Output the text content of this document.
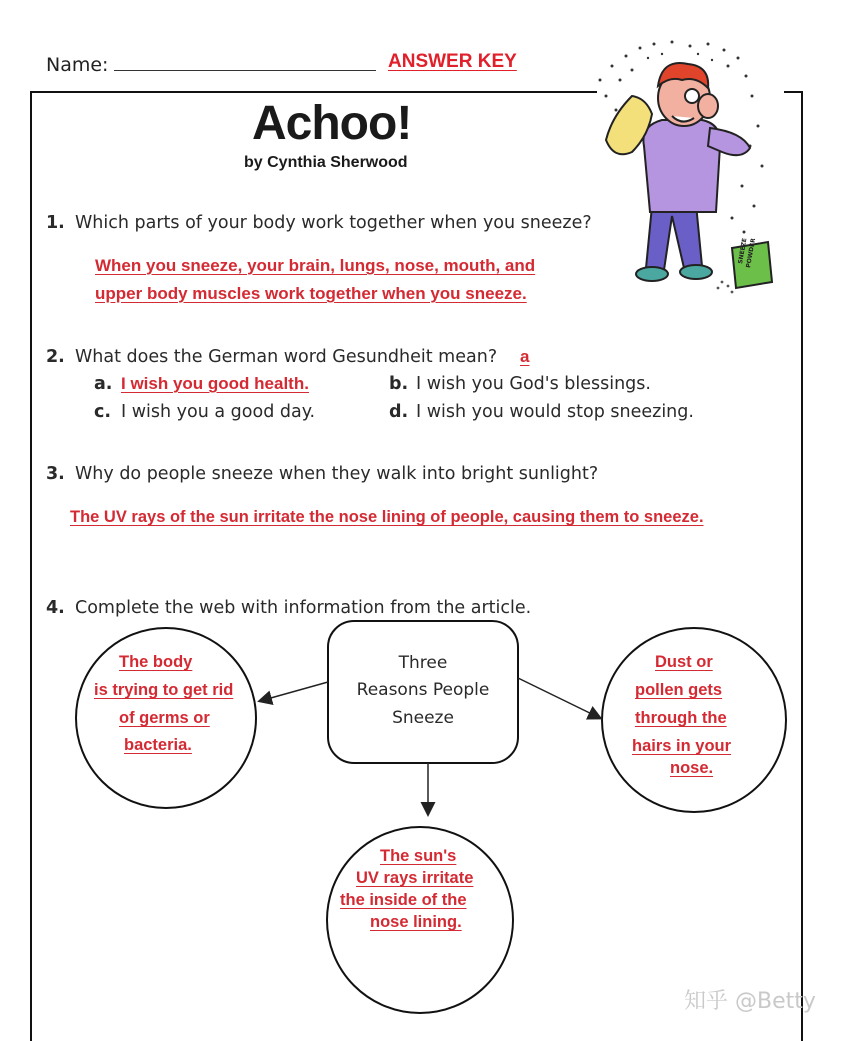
Name:	ANSWER KEY
Achoo!
by Cynthia Sherwood
SNEEZE
POWDER
1. Which parts of your body work together when you sneeze?
When you sneeze, your brain, lungs, nose, mouth, and
upper body muscles work together when you sneeze.
2. What does the German word Gesundheit mean? a
a. I wish you good health.	b. I wish you God's blessings.
c. I wish you a good day.	d. I wish you would stop sneezing.
3. Why do people sneeze when they walk into bright sunlight?
The UV rays of the sun irritate the nose lining of people, causing them to sneeze.
4. Complete the web with information from the article.
Three
Reasons People
Sneeze
The body
is trying to get rid
of germs or
bacteria.
Dust or
pollen gets
through the
hairs in your
nose.
The sun's
UV rays irritate
the inside of the
nose lining.
知乎 @Betty
